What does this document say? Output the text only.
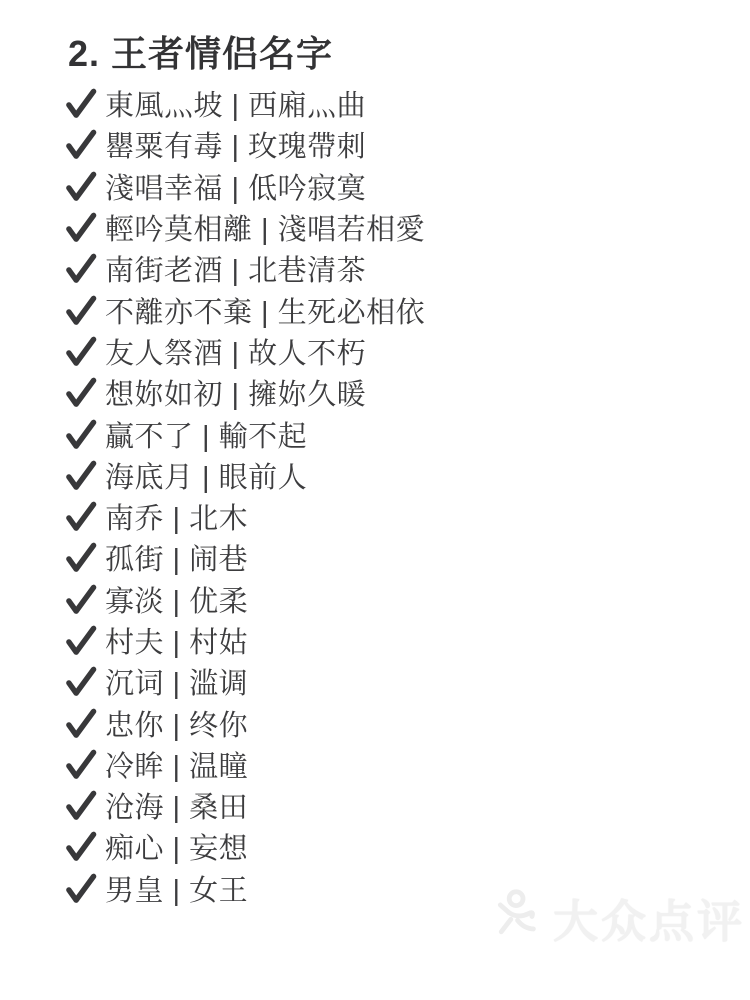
2. 王者情侣名字
東風灬坡 | 西廂灬曲
罌粟有毒 | 玫瑰帶刺
淺唱幸福 | 低吟寂寞
輕吟莫相離 | 淺唱若相愛
南街老酒 | 北巷清茶
不離亦不棄 | 生死必相依
友人祭酒 | 故人不朽
想妳如初 | 擁妳久暖
贏不了 | 輸不起
海底月 | 眼前人
南乔 | 北木
孤街 | 闹巷
寡淡 | 优柔
村夫 | 村姑
沉词 | 滥调
忠你 | 终你
冷眸 | 温瞳
沧海 | 桑田
痴心 | 妄想
男皇 | 女王
大众点评
